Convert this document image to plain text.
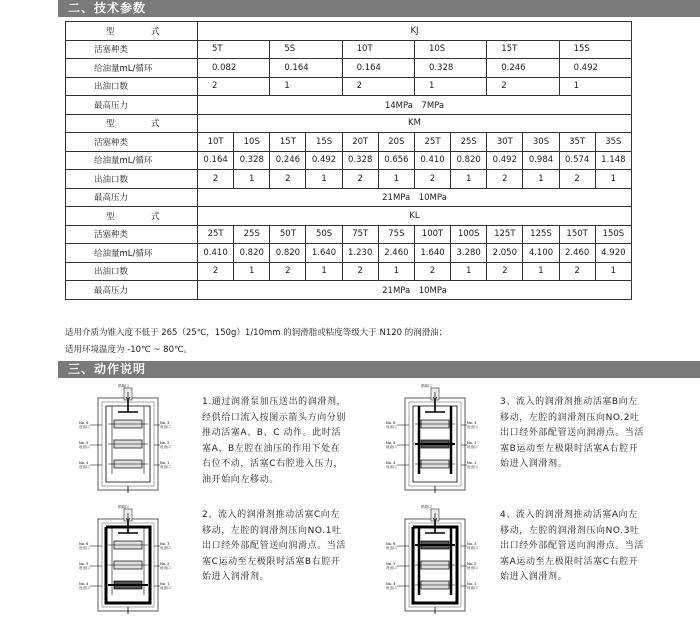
二、技术参数
型　式	KJ											
活塞种类	5T		5S		10T		10S		15T		15S	
给油量mL/循环	0.082		0.164		0.164		0.328		0.246		0.492	
出油口数	2		1		2		1		2		1	
最高压力	14MPa　7MPa											
型　式	KM											
活塞种类	10T	10S	15T	15S	20T	20S	25T	25S	30T	30S	35T	35S
给油量mL/循环	0.164	0.328	0.246	0.492	0.328	0.656	0.410	0.820	0.492	0.984	0.574	1.148
出油口数	2	1	2	1	2	1	2	1	2	1	2	1
最高压力	21MPa　10MPa											
型　式	KL											
活塞种类	25T	25S	50T	50S	75T	75S	100T	100S	125T	125S	150T	150S
给油量mL/循环	0.410	0.820	0.820	1.640	1.230	2.460	1.640	3.280	2.050	4.100	2.460	4.920
出油口数	2	1	2	1	2	1	2	1	2	1	2	1
最高压力	21MPa　10MPa											
适用介质为锥入度不低于 265（25℃，150g）1/10mm 的润滑脂或粘度等级大于 N120 的润滑油；
适用环境温度为 -10℃ ~ 80℃。
三、动作说明
供给口
No. 6
吐出口
No. 5
吐出口
No. 4
吐出口
No. 3
吐出口
No. 2
吐出口
No. 1
吐出口
供给口
No. 6
吐出口
No. 5
吐出口
No. 4
吐出口
No. 3
吐出口
No. 2
吐出口
No. 1
吐出口
供给口
No. 6
吐出口
No. 5
吐出口
No. 4
吐出口
No. 3
吐出口
No. 2
吐出口
No. 1
吐出口
供给口
No. 6
吐出口
No. 5
吐出口
No. 4
吐出口
No. 3
吐出口
No. 2
吐出口
No. 1
吐出口
1.通过润滑泵加压送出的润滑剂，经供给口流入按图示箭头方向分别推动活塞A、B、C 动作。此时活塞A、B左腔在油压的作用下处在右位不动，活塞C右腔进入压力，油开始向左移动。
2、流入的润滑剂推动活塞C向左移动，左腔的润滑剂压向NO.1吐出口经外部配管送向润滑点。当活塞C运动至左极限时活塞B右腔开始进入润滑剂。
3、流入的润滑剂推动活塞B向左移动，左腔的润滑剂压向NO.2吐出口经外部配管送向润滑点。当活塞B运动至左极限时活塞A右腔开始进入润滑剂。
4、流入的润滑剂推动活塞A向左移动，左腔的润滑剂压向NO.3吐出口经外部配管送向润滑点。当活塞A运动至左极限时活塞C右腔开始进入润滑剂。
